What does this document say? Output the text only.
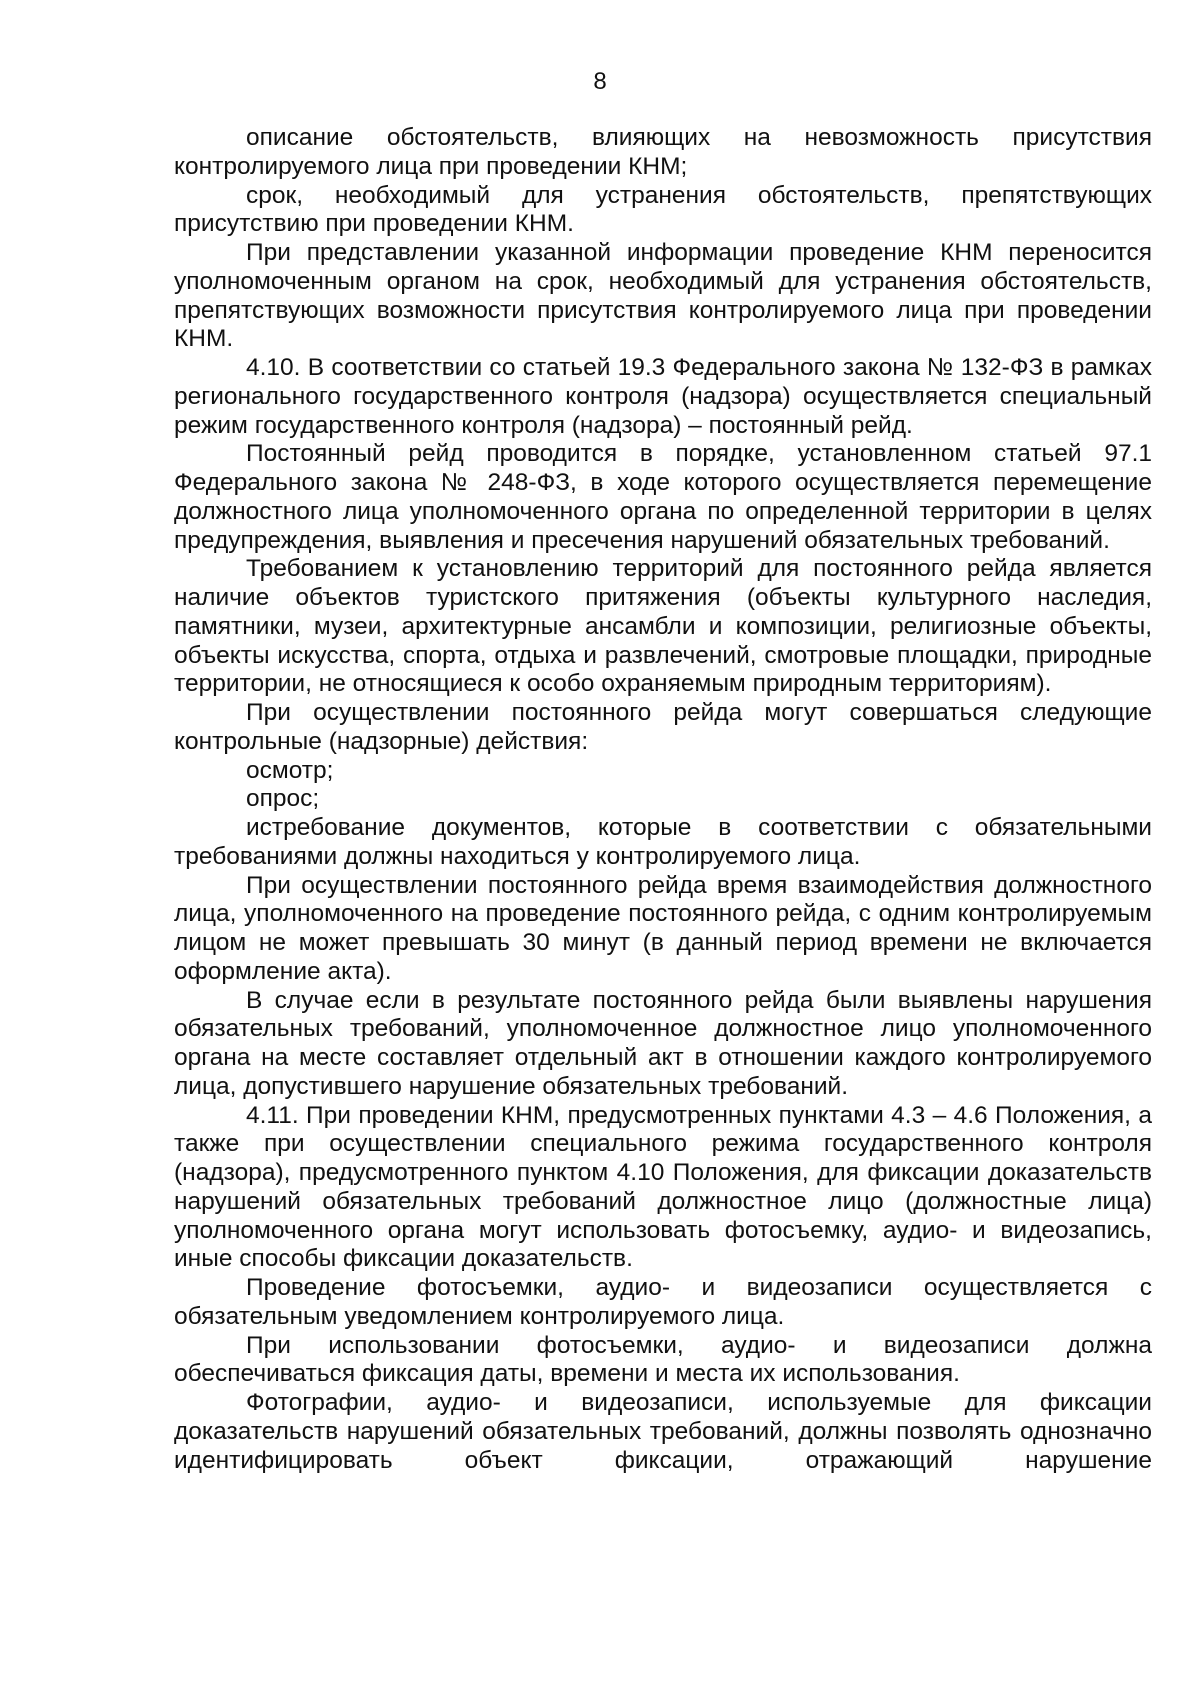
8

описание обстоятельств, влияющих на невозможность присутствия контролируемого лица при проведении КНМ;

срок, необходимый для устранения обстоятельств, препятствующих присутствию при проведении КНМ.

При представлении указанной информации проведение КНМ переносится уполномоченным органом на срок, необходимый для устранения обстоятельств, препятствующих возможности присутствия контролируемого лица при проведении КНМ.

4.10. В соответствии со статьей 19.3 Федерального закона № 132-ФЗ в рамках регионального государственного контроля (надзора) осуществляется специальный режим государственного контроля (надзора) – постоянный рейд.

Постоянный рейд проводится в порядке, установленном статьей 97.1 Федерального закона № 248-ФЗ, в ходе которого осуществляется перемещение должностного лица уполномоченного органа по определенной территории в целях предупреждения, выявления и пресечения нарушений обязательных требований.

Требованием к установлению территорий для постоянного рейда является наличие объектов туристского притяжения (объекты культурного наследия, памятники, музеи, архитектурные ансамбли и композиции, религиозные объекты, объекты искусства, спорта, отдыха и развлечений, смотровые площадки, природные территории, не относящиеся к особо охраняемым природным территориям).

При осуществлении постоянного рейда могут совершаться следующие контрольные (надзорные) действия:

осмотр;

опрос;

истребование документов, которые в соответствии с обязательными требованиями должны находиться у контролируемого лица.

При осуществлении постоянного рейда время взаимодействия должностного лица, уполномоченного на проведение постоянного рейда, с одним контролируемым лицом не может превышать 30 минут (в данный период времени не включается оформление акта).

В случае если в результате постоянного рейда были выявлены нарушения обязательных требований, уполномоченное должностное лицо уполномоченного органа на месте составляет отдельный акт в отношении каждого контролируемого лица, допустившего нарушение обязательных требований.

4.11. При проведении КНМ, предусмотренных пунктами 4.3 – 4.6 Положения, а также при осуществлении специального режима государственного контроля (надзора), предусмотренного пунктом 4.10 Положения, для фиксации доказательств нарушений обязательных требований должностное лицо (должностные лица) уполномоченного органа могут использовать фотосъемку, аудио- и видеозапись, иные способы фиксации доказательств.

Проведение фотосъемки, аудио- и видеозаписи осуществляется с обязательным уведомлением контролируемого лица.

При использовании фотосъемки, аудио- и видеозаписи должна обеспечиваться фиксация даты, времени и места их использования.

Фотографии, аудио- и видеозаписи, используемые для фиксации доказательств нарушений обязательных требований, должны позволять однозначно идентифицировать объект фиксации, отражающий нарушение
